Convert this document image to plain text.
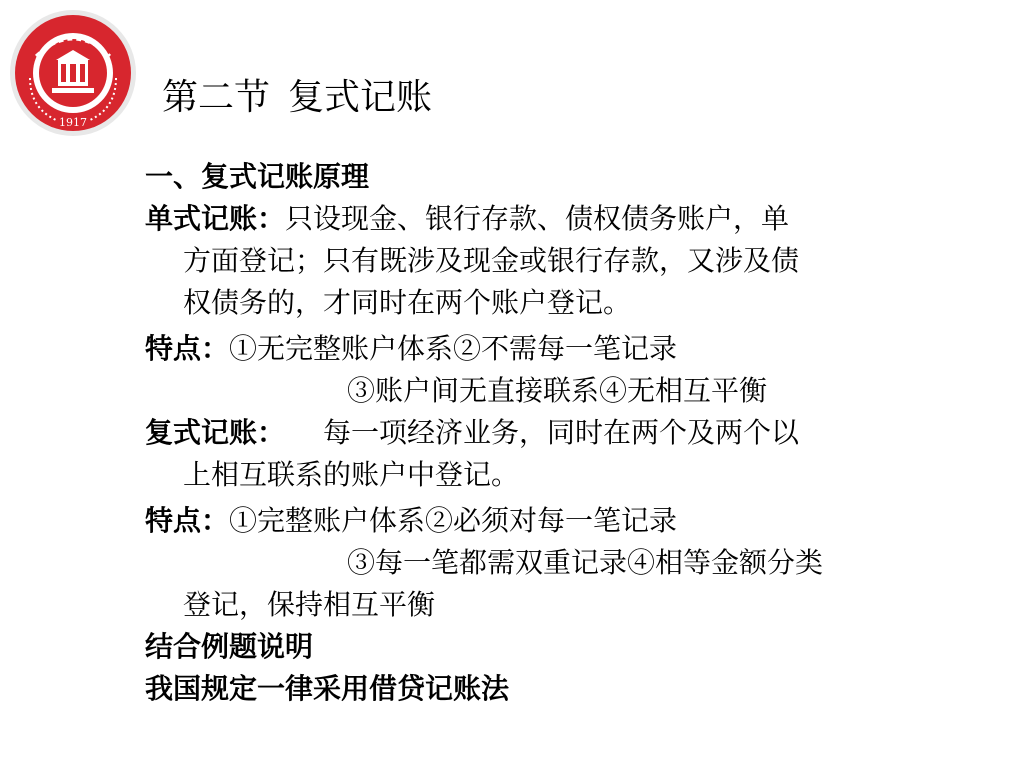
1917
第二节 复式记账
一、复式记账原理
单式记账：只设现金、银行存款、债权债务账户，单
方面登记；只有既涉及现金或银行存款，又涉及债
权债务的，才同时在两个账户登记。
特点：①无完整账户体系②不需每一笔记录
③账户间无直接联系④无相互平衡
复式记账： 每一项经济业务，同时在两个及两个以
上相互联系的账户中登记。
特点：①完整账户体系②必须对每一笔记录
③每一笔都需双重记录④相等金额分类
登记，保持相互平衡
结合例题说明
我国规定一律采用借贷记账法
